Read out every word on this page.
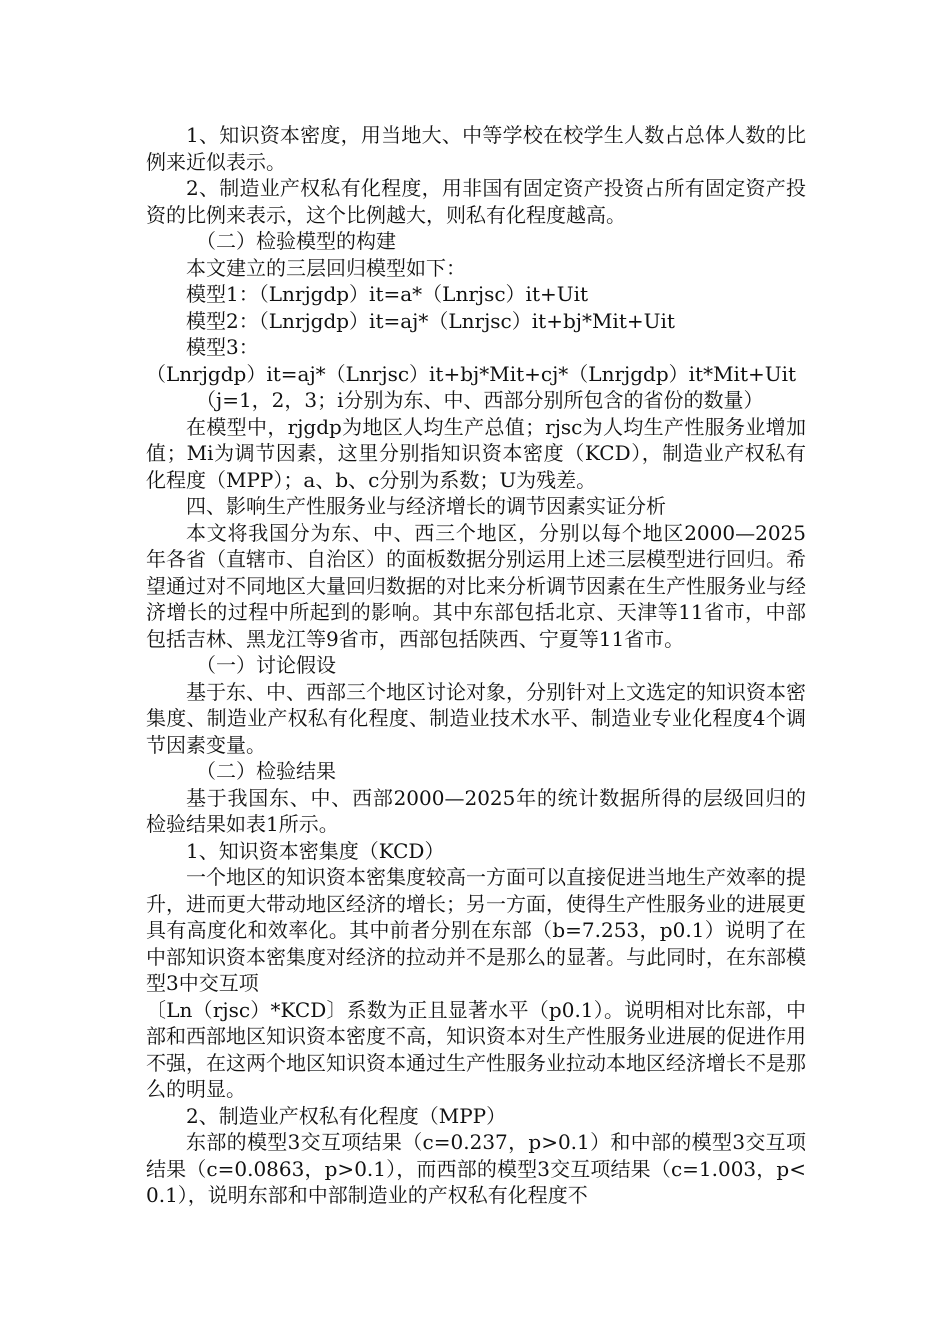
1、知识资本密度，用当地大、中等学校在校学生人数占总体人数的比例来近似表示。

2、制造业产权私有化程度，用非国有固定资产投资占所有固定资产投资的比例来表示，这个比例越大，则私有化程度越高。

（二）检验模型的构建

本文建立的三层回归模型如下：

模型1：（Lnrjgdp）it=a*（Lnrjsc）it+Uit

模型2：（Lnrjgdp）it=aj*（Lnrjsc）it+bj*Mit+Uit

模型3：

（Lnrjgdp）it=aj*（Lnrjsc）it+bj*Mit+cj*（Lnrjgdp）it*Mit+Uit

（j=1，2，3；i分别为东、中、西部分别所包含的省份的数量）

在模型中，rjgdp为地区人均生产总值；rjsc为人均生产性服务业增加值；Mi为调节因素，这里分别指知识资本密度（KCD），制造业产权私有化程度（MPP）；a、b、c分别为系数；U为残差。

四、影响生产性服务业与经济增长的调节因素实证分析

本文将我国分为东、中、西三个地区，分别以每个地区2000—2025年各省（直辖市、自治区）的面板数据分别运用上述三层模型进行回归。希望通过对不同地区大量回归数据的对比来分析调节因素在生产性服务业与经济增长的过程中所起到的影响。其中东部包括北京、天津等11省市，中部包括吉林、黑龙江等9省市，西部包括陕西、宁夏等11省市。

（一）讨论假设

基于东、中、西部三个地区讨论对象，分别针对上文选定的知识资本密集度、制造业产权私有化程度、制造业技术水平、制造业专业化程度4个调节因素变量。

（二）检验结果

基于我国东、中、西部2000—2025年的统计数据所得的层级回归的检验结果如表1所示。

1、知识资本密集度（KCD）

一个地区的知识资本密集度较高一方面可以直接促进当地生产效率的提升，进而更大带动地区经济的增长；另一方面，使得生产性服务业的进展更具有高度化和效率化。其中前者分别在东部（b=7.253，p0.1）说明了在中部知识资本密集度对经济的拉动并不是那么的显著。与此同时，在东部模型3中交互项

〔Ln（rjsc）*KCD〕系数为正且显著水平（p0.1）。说明相对比东部，中部和西部地区知识资本密度不高，知识资本对生产性服务业进展的促进作用不强，在这两个地区知识资本通过生产性服务业拉动本地区经济增长不是那么的明显。

2、制造业产权私有化程度（MPP）

东部的模型3交互项结果（c=0.237，p>0.1）和中部的模型3交互项结果（c=0.0863，p>0.1），而西部的模型3交互项结果（c=1.003，p<0.1），说明东部和中部制造业的产权私有化程度不
